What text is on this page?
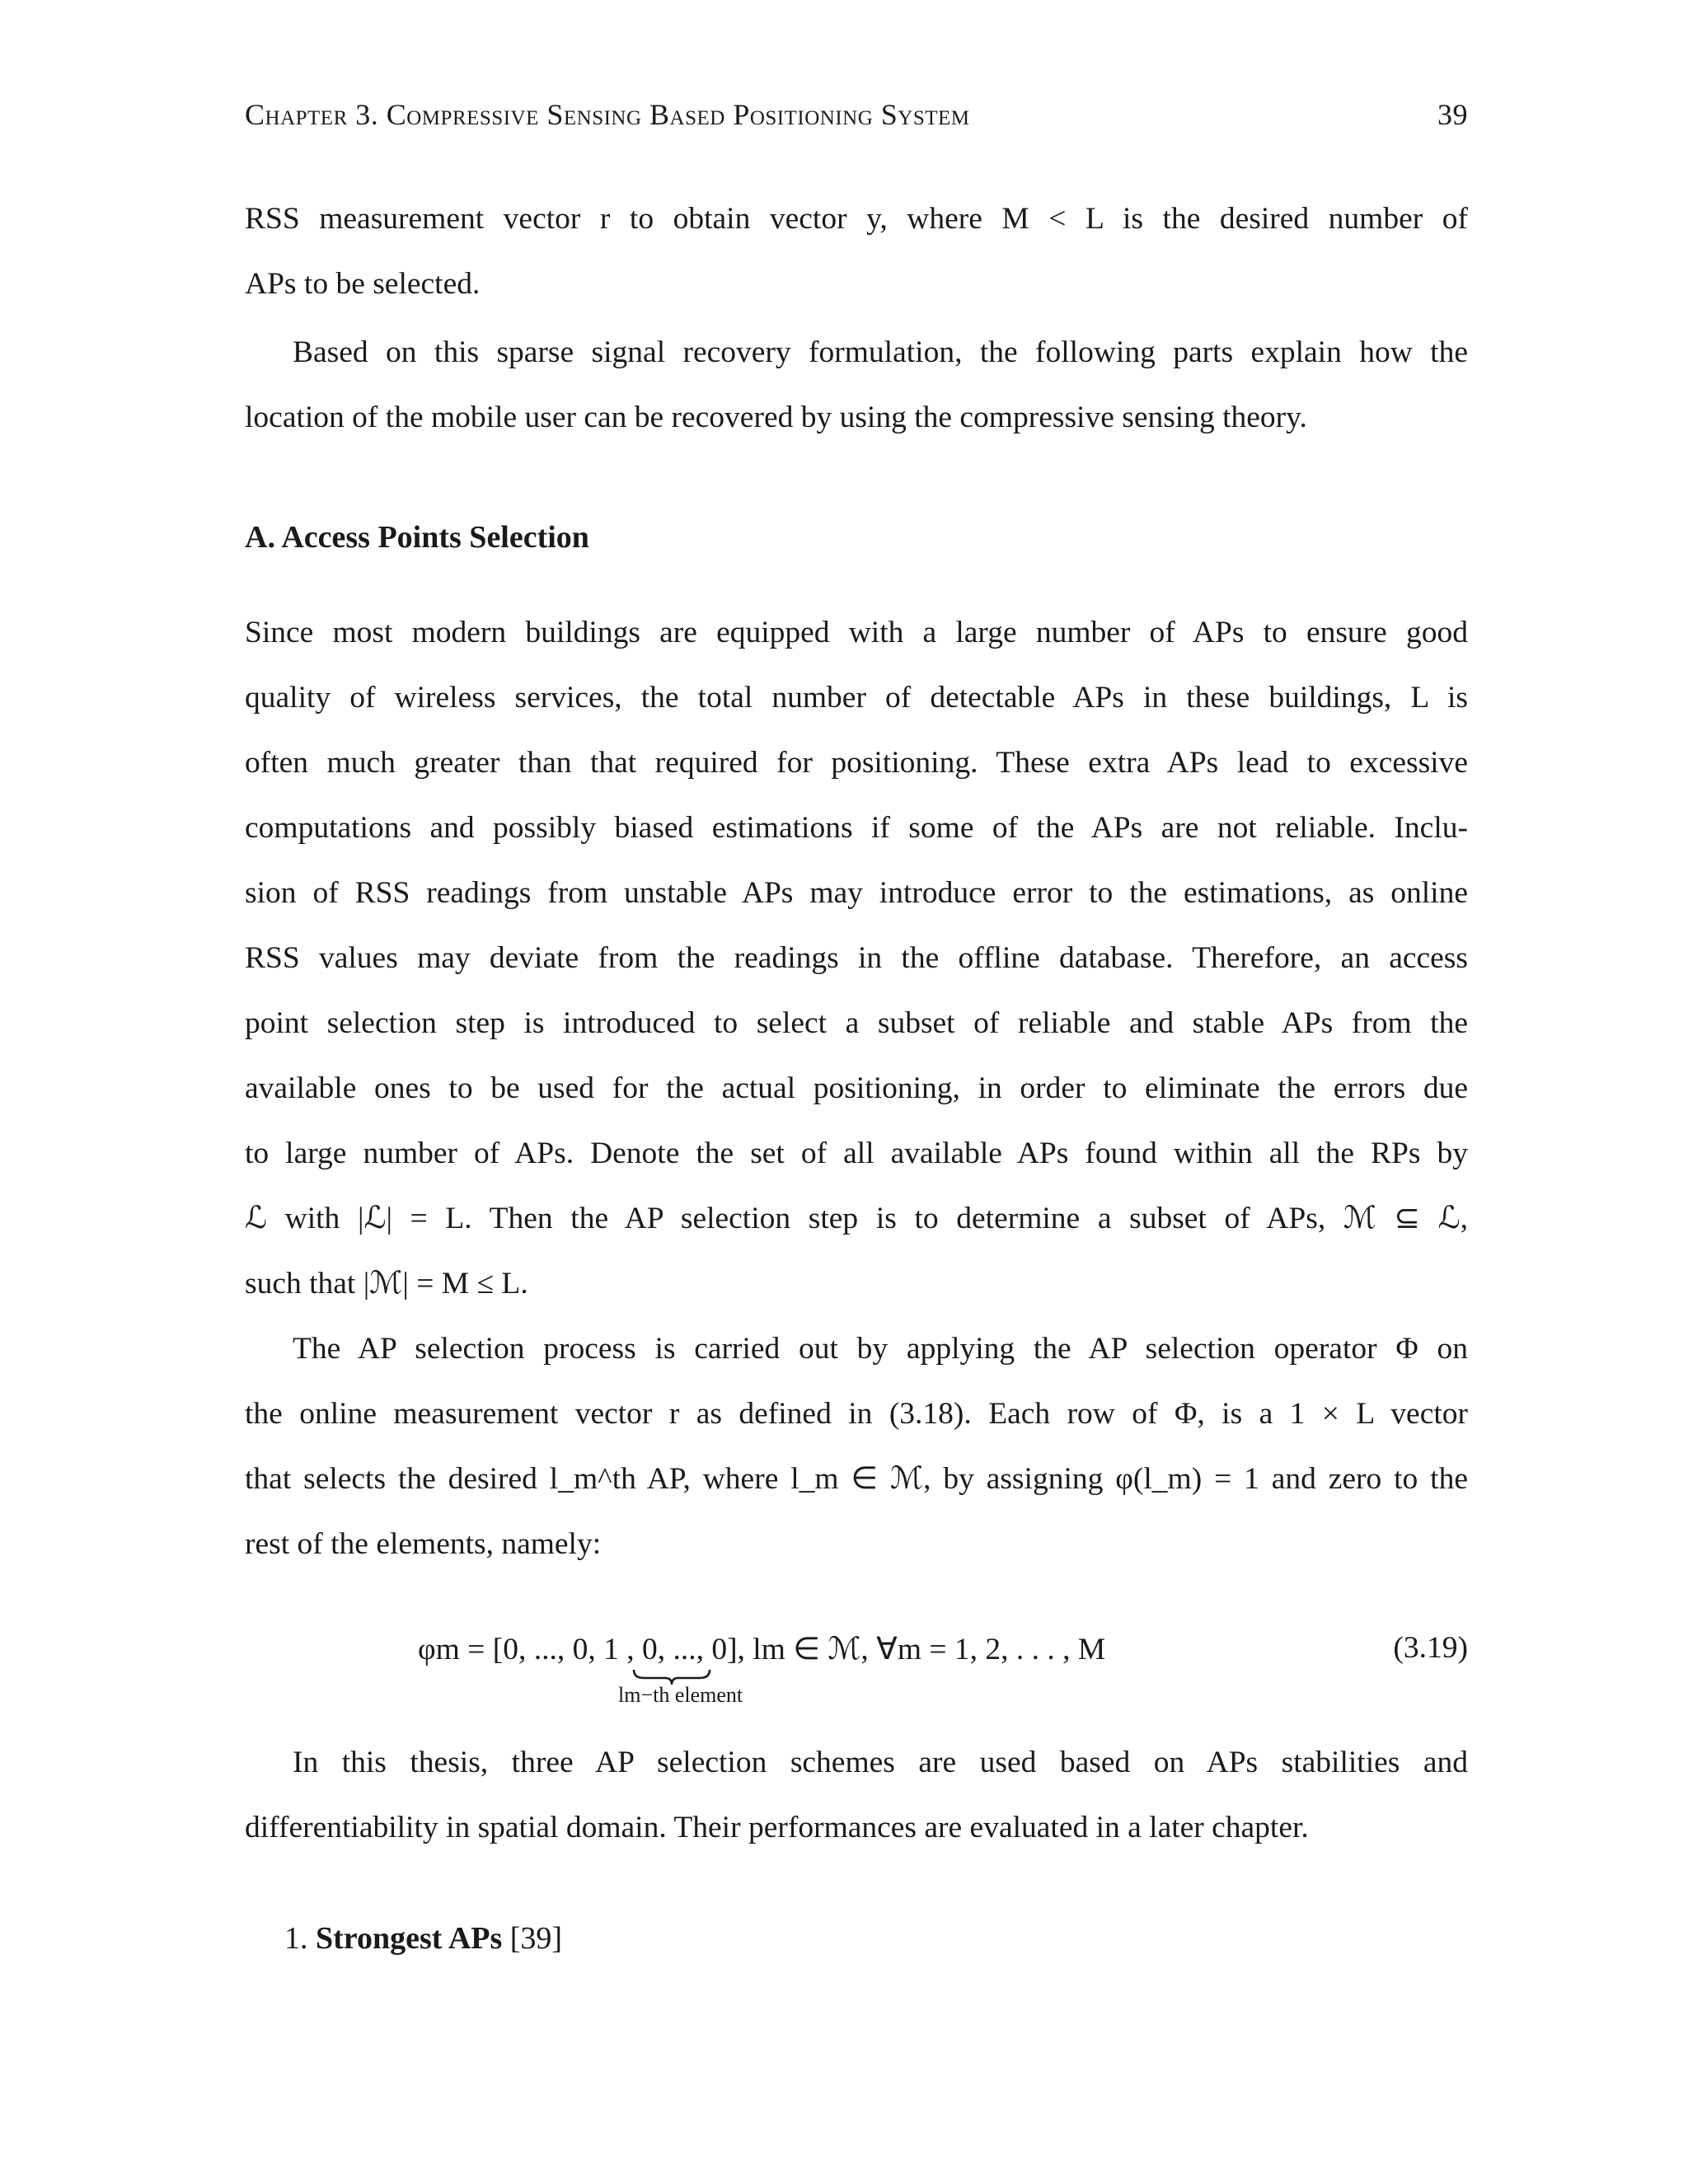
Chapter 3. Compressive Sensing Based Positioning System	39
RSS measurement vector r to obtain vector y, where M < L is the desired number of
APs to be selected.
Based on this sparse signal recovery formulation, the following parts explain how the
location of the mobile user can be recovered by using the compressive sensing theory.
A. Access Points Selection
Since most modern buildings are equipped with a large number of APs to ensure good
quality of wireless services, the total number of detectable APs in these buildings, L is
often much greater than that required for positioning. These extra APs lead to excessive
computations and possibly biased estimations if some of the APs are not reliable. Inclu-
sion of RSS readings from unstable APs may introduce error to the estimations, as online
RSS values may deviate from the readings in the offline database. Therefore, an access
point selection step is introduced to select a subset of reliable and stable APs from the
available ones to be used for the actual positioning, in order to eliminate the errors due
to large number of APs. Denote the set of all available APs found within all the RPs by
ℒ with |ℒ| = L. Then the AP selection step is to determine a subset of APs, ℳ ⊆ ℒ,
such that |ℳ| = M ≤ L.
The AP selection process is carried out by applying the AP selection operator Φ on
the online measurement vector r as defined in (3.18). Each row of Φ, is a 1 × L vector
that selects the desired l_m^th AP, where l_m ∈ ℳ, by assigning φ(l_m) = 1 and zero to the
rest of the elements, namely:
φm = [0, ..., 0, 1 , 0, ..., 0], lm ∈ ℳ, ∀m = 1, 2, . . . , M
lm−th element
(3.19)
In this thesis, three AP selection schemes are used based on APs stabilities and
differentiability in spatial domain. Their performances are evaluated in a later chapter.
1. Strongest APs [39]
